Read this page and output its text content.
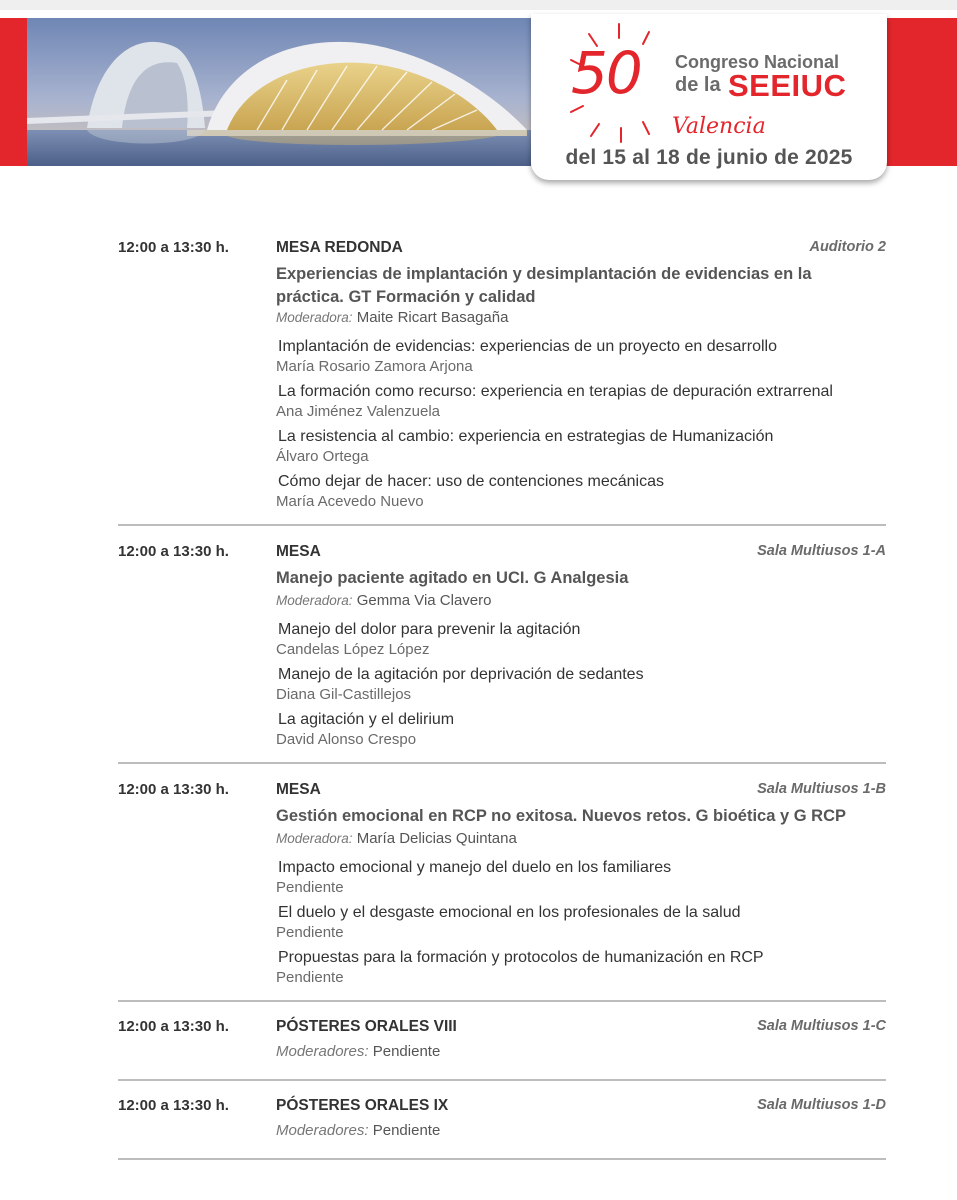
50 Congreso Nacional
de la SEEIUC
Valencia
del 15 al 18 de junio de 2025
12:00 a 13:30 h.	MESA REDONDA	Auditorio 2
Experiencias de implantación y desimplantación de evidencias en la práctica. GT Formación y calidad
Moderadora: Maite Ricart Basagaña
Implantación de evidencias: experiencias de un proyecto en desarrollo
María Rosario Zamora Arjona
La formación como recurso: experiencia en terapias de depuración extrarrenal
Ana Jiménez Valenzuela
La resistencia al cambio: experiencia en estrategias de Humanización
Álvaro Ortega
Cómo dejar de hacer: uso de contenciones mecánicas
María Acevedo Nuevo
12:00 a 13:30 h.	MESA	Sala Multiusos 1-A
Manejo paciente agitado en UCI. G Analgesia
Moderadora: Gemma Via Clavero
Manejo del dolor para prevenir la agitación
Candelas López López
Manejo de la agitación por deprivación de sedantes
Diana Gil-Castillejos
La agitación y el delirium
David Alonso Crespo
12:00 a 13:30 h.	MESA	Sala Multiusos 1-B
Gestión emocional en RCP no exitosa. Nuevos retos. G bioética y G RCP
Moderadora: María Delicias Quintana
Impacto emocional y manejo del duelo en los familiares
Pendiente
El duelo y el desgaste emocional en los profesionales de la salud
Pendiente
Propuestas para la formación y protocolos de humanización en RCP
Pendiente
12:00 a 13:30 h.	PÓSTERES ORALES VIII	Sala Multiusos 1-C
Moderadores: Pendiente
12:00 a 13:30 h.	PÓSTERES ORALES IX	Sala Multiusos 1-D
Moderadores: Pendiente
